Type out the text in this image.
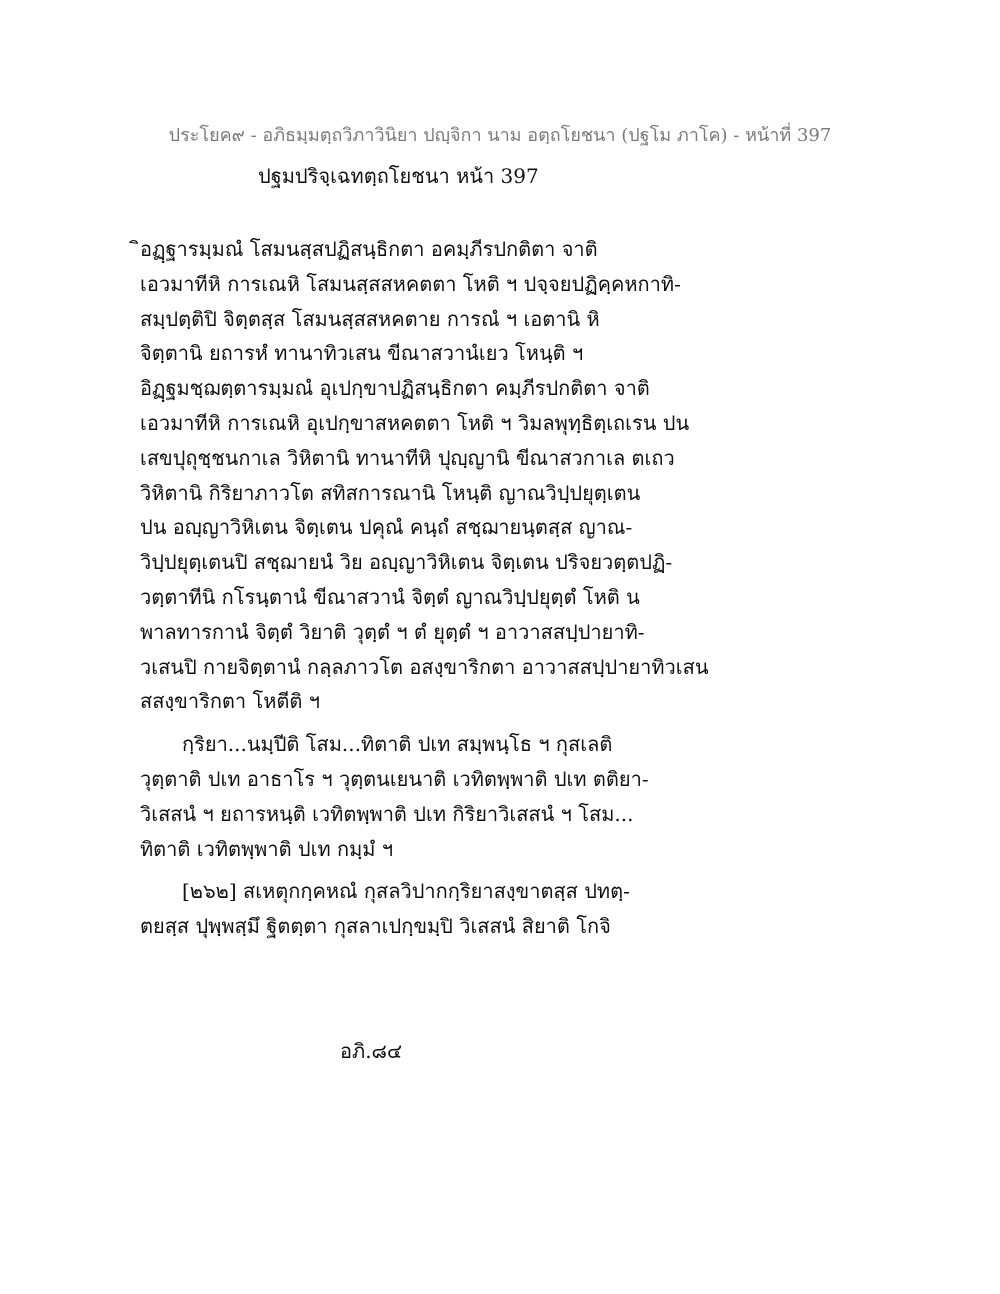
ประโยค๙ - อภิธมฺมตฺถวิภาวินิยา ปญฺจิกา นาม อตฺถโยชนา (ปฐโม ภาโค) - หน้าที่ 397
ปฐมปริจฺเฉทตฺถโยชนา หน้า 397
ิอฏฺฐารมฺมณํ โสมนสฺสปฏิสนฺธิกตา อคมฺภีรปกติตา จาติ
เอวมาทีหิ การเณหิ โสมนสฺสสหคตตา โหติ ฯ ปจฺจยปฏิคฺคหกาทิ-
สมฺปตฺติปิ จิตฺตสฺส โสมนสฺสสหคตาย การณํ ฯ เอตานิ หิ
จิตฺตานิ ยถารหํ ทานาทิวเสน ขีณาสวานํเยว โหนฺติ ฯ
อิฏฺฐมชฺฌตฺตารมฺมณํ อุเปกฺขาปฏิสนฺธิกตา คมฺภีรปกติตา จาติ
เอวมาทีหิ การเณหิ อุเปกฺขาสหคตตา โหติ ฯ วิมลพุทฺธิตฺเถเรน ปน
เสขปุถุชฺชนกาเล วิหิตานิ ทานาทีหิ ปุญฺญานิ ขีณาสวกาเล ตเถว
วิหิตานิ กิริยาภาวโต สทิสการณานิ โหนฺติ ญาณวิปฺปยุตฺเตน
ปน อญฺญาวิหิเตน จิตฺเตน ปคุณํ คนฺถํ สชฺฌายนฺตสฺส ญาณ-
วิปฺปยุตฺเตนปิ สชฺฌายนํ วิย อญฺญาวิหิเตน จิตฺเตน ปริจยวตฺตปฏิ-
วตฺตาทีนิ กโรนฺตานํ ขีณาสวานํ จิตฺตํ ญาณวิปฺปยุตฺตํ โหติ น
พาลทารกานํ จิตฺตํ วิยาติ วุตฺตํ ฯ ตํ ยุตฺตํ ฯ อาวาสสปฺปายาทิ-
วเสนปิ กายจิตฺตานํ กลฺลภาวโต อสงฺขาริกตา อาวาสสปฺปายาทิวเสน
สสงฺขาริกตา โหตีติ ฯ
กฺริยา...นมฺปีติ โสม...ทิตาติ ปเท สมฺพนฺโธ ฯ กุสเลติ
วุตฺตาติ ปเท อาธาโร ฯ วุตฺตนเยนาติ เวทิตพฺพาติ ปเท ตติยา-
วิเสสนํ ฯ ยถารหนฺติ เวทิตพฺพาติ ปเท กิริยาวิเสสนํ ฯ โสม...
ทิตาติ เวทิตพฺพาติ ปเท กมฺมํ ฯ
[๒๖๒] สเหตุกกฺคหณํ กุสลวิปากกฺริยาสงฺขาตสฺส ปทตฺ-
ตยสฺส ปุพฺพสฺมึ ฐิตตฺตา กุสลาเปกฺขมฺปิ วิเสสนํ สิยาติ โกจิ
อภิ.๘๔
